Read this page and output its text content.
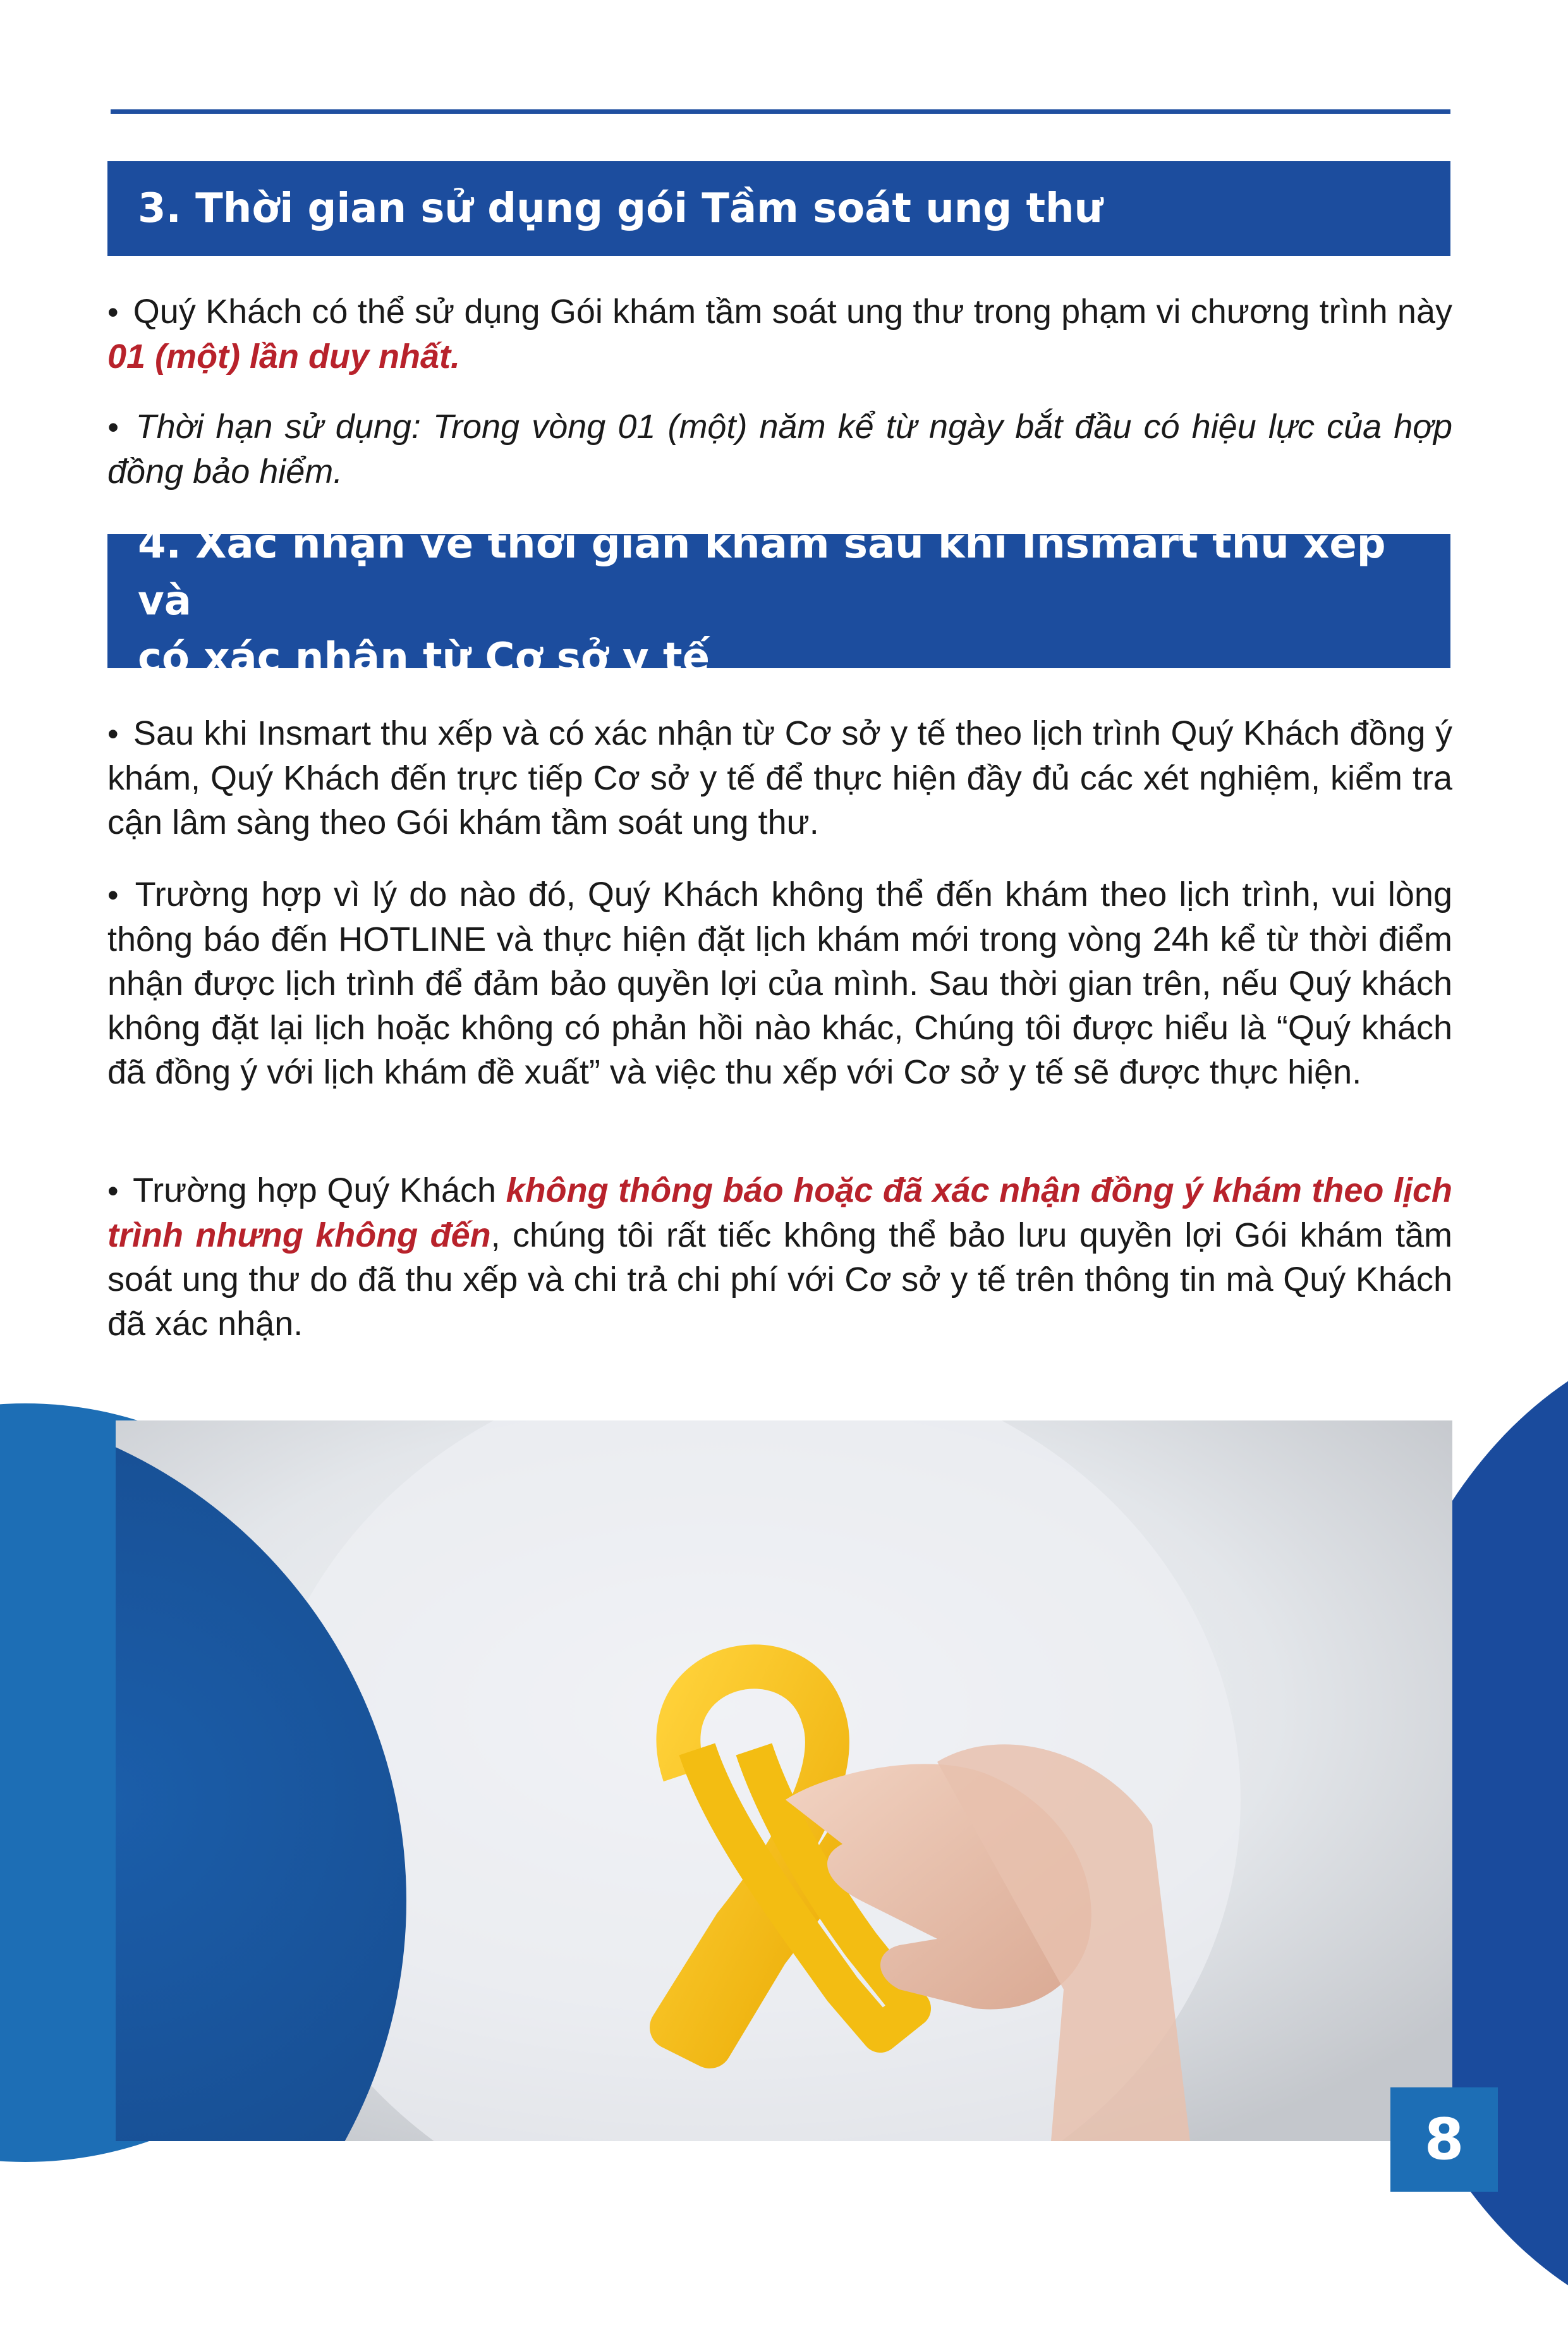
3. Thời gian sử dụng gói Tầm soát ung thư

• Quý Khách có thể sử dụng Gói khám tầm soát ung thư trong phạm vi chương trình này 01 (một) lần duy nhất.

• Thời hạn sử dụng: Trong vòng 01 (một) năm kể từ ngày bắt đầu có hiệu lực của hợp đồng bảo hiểm.

4. Xác nhận về thời gian khám sau khi Insmart thu xếp và
có xác nhận từ Cơ sở y tế

• Sau khi Insmart thu xếp và có xác nhận từ Cơ sở y tế theo lịch trình Quý Khách đồng ý khám, Quý Khách đến trực tiếp Cơ sở y tế để thực hiện đầy đủ các xét nghiệm, kiểm tra cận lâm sàng theo Gói khám tầm soát ung thư.

• Trường hợp vì lý do nào đó, Quý Khách không thể đến khám theo lịch trình, vui lòng thông báo đến HOTLINE và thực hiện đặt lịch khám mới trong vòng 24h kể từ thời điểm nhận được lịch trình để đảm bảo quyền lợi của mình. Sau thời gian trên, nếu Quý khách không đặt lại lịch hoặc không có phản hồi nào khác, Chúng tôi được hiểu là “Quý khách đã đồng ý với lịch khám đề xuất” và việc thu xếp với Cơ sở y tế sẽ được thực hiện.

• Trường hợp Quý Khách không thông báo hoặc đã xác nhận đồng ý khám theo lịch trình nhưng không đến, chúng tôi rất tiếc không thể bảo lưu quyền lợi Gói khám tầm soát ung thư do đã thu xếp và chi trả chi phí với Cơ sở y tế trên thông tin mà Quý Khách đã xác nhận.

8
